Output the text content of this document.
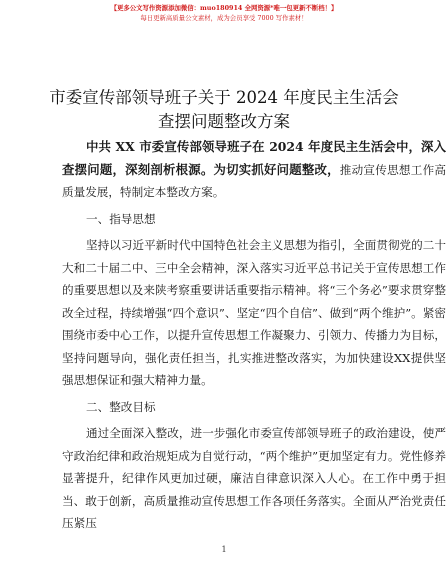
【更多公文写作资源添加微信：muo180914 全网资源*唯一包更新不断档！】
每日更新高质量公文素材，成为会员享受 7000 写作素材！
市委宣传部领导班子关于 2024 年度民主生活会
查摆问题整改方案
中共 XX 市委宣传部领导班子在 2024 年度民主生活会中，深入查摆问题，深刻剖析根源。为切实抓好问题整改，推动宣传思想工作高质量发展，特制定本整改方案。
一、指导思想
坚持以习近平新时代中国特色社会主义思想为指引，全面贯彻党的二十大和二十届二中、三中全会精神，深入落实习近平总书记关于宣传思想工作的重要思想以及来陕考察重要讲话重要指示精神。将“三个务必”要求贯穿整改全过程，持续增强“四个意识”、坚定“四个自信”、做到“两个维护”。紧密围绕市委中心工作，以提升宣传思想工作凝聚力、引领力、传播力为目标，坚持问题导向，强化责任担当，扎实推进整改落实，为加快建设XX提供坚强思想保证和强大精神力量。
二、整改目标
通过全面深入整改，进一步强化市委宣传部领导班子的政治建设，使严守政治纪律和政治规矩成为自觉行动，“两个维护”更加坚定有力。党性修养显著提升，纪律作风更加过硬，廉洁自律意识深入人心。在工作中勇于担当、敢于创新，高质量推动宣传思想工作各项任务落实。全面从严治党责任压紧压
1
